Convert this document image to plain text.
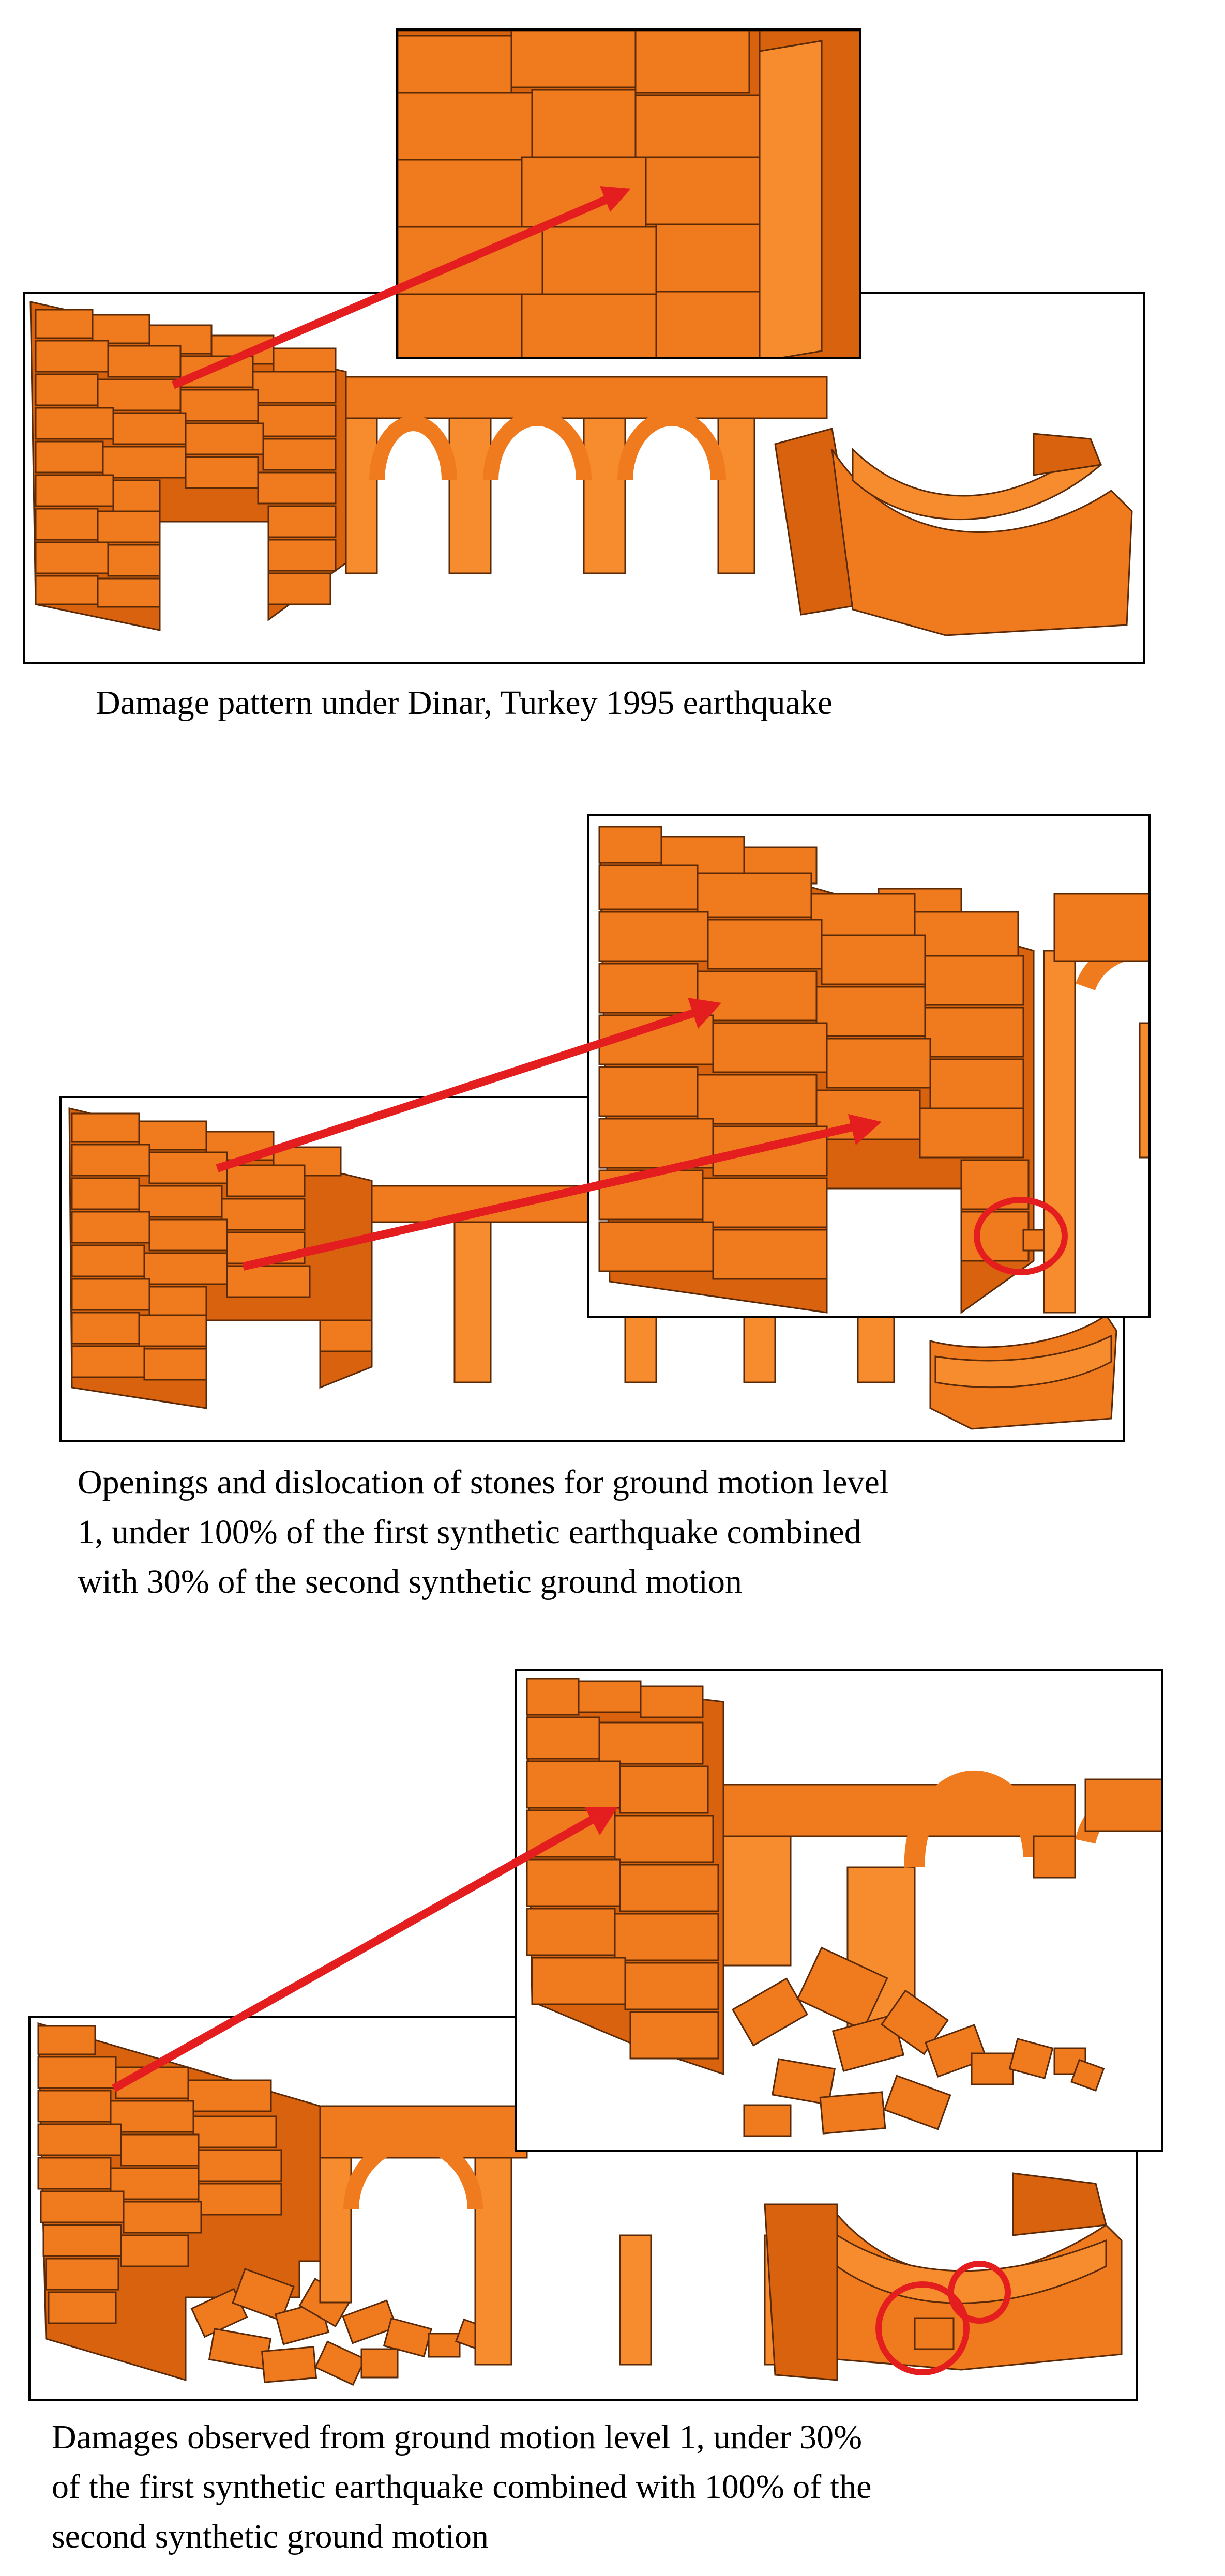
Damage pattern under Dinar, Turkey 1995 earthquake
Openings and dislocation of stones for ground motion level
1, under 100% of the first synthetic earthquake combined
with 30% of the second synthetic ground motion
Damages observed from ground motion level 1, under 30%
of the first synthetic earthquake combined with 100% of the
second synthetic ground motion
